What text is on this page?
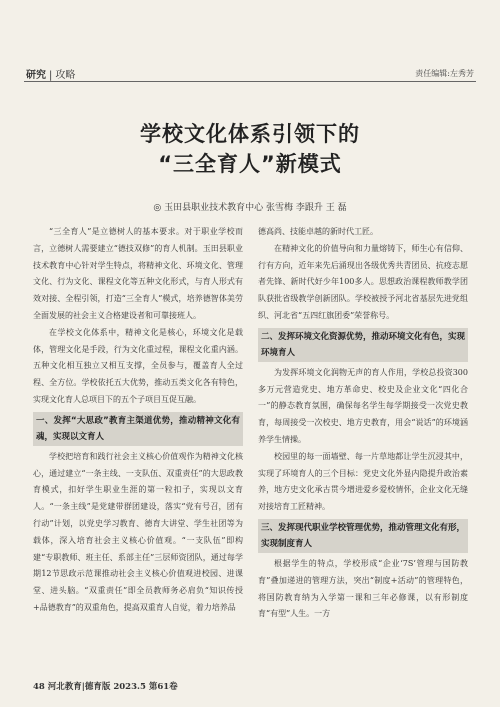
研究 | 攻略	责任编辑:左秀芳
学校文化体系引领下的
“三全育人”新模式
◎ 玉田县职业技术教育中心 张雪梅 李跟升 王 磊

“三全育人”是立德树人的基本要求。对于职业学校而言，立德树人需要建立“德技双修”的育人机制。玉田县职业技术教育中心针对学生特点，将精神文化、环境文化、管理文化、行为文化、课程文化等五种文化形式，与育人形式有效对接、全程引领，打造“三全育人”模式，培养德智体美劳全面发展的社会主义合格建设者和可靠接班人。

在学校文化体系中，精神文化是核心，环境文化是载体，管理文化是手段，行为文化重过程，课程文化重内涵。五种文化相互独立又相互支撑，全员参与，覆盖育人全过程、全方位。学校依托五大优势，推动五类文化各有特色，实现文化育人总项目下的五个子项目互促互融。

一、发挥“大思政”教育主渠道优势，推动精神文化有魂，实现以文育人

学校把培育和践行社会主义核心价值观作为精神文化核心，通过建立“一条主线、一支队伍、双重责任”的大思政教育模式，扣好学生职业生涯的第一粒扣子，实现以文育人。“一条主线”是党建带群团建设，落实“党有号召，团有行动”计划，以党史学习教育、德育大讲堂、学生社团等为载体，深入培育社会主义核心价值观。“一支队伍”即构建“专职教师、班主任、系部主任”三层师资团队，通过每学期12节思政示范课推动社会主义核心价值观进校园、进课堂、进头脑。“双重责任”即全员教师务必肩负“知识传授+品德教育”的双重角色，提高双重育人自觉，着力培养品

德高尚、技能卓越的新时代工匠。

在精神文化的价值导向和力量熔铸下，师生心有信仰、行有方向，近年来先后涌现出各级优秀共青团员、抗疫志愿者先锋、新时代好少年100多人。思想政治课程教师教学团队获批省级教学创新团队。学校被授予河北省基层先进党组织、河北省“五四红旗团委”荣誉称号。

二、发挥环境文化资源优势，推动环境文化有色，实现环境育人

为发挥环境文化润物无声的育人作用，学校总投资300多万元营造党史、地方革命史、校史及企业文化“四化合一”的静态教育氛围，确保每名学生每学期接受一次党史教育，每周接受一次校史、地方史教育，用会“说话”的环境涵养学生情操。

校园里的每一面墙壁、每一片草地都让学生沉浸其中，实现了环境育人的三个目标：党史文化外显内隐提升政治素养，地方史文化承古贯今增进爱乡爱校情怀，企业文化无缝对接培育工匠精神。

三、发挥现代职业学校管理优势，推动管理文化有形，实现制度育人

根据学生的特点，学校形成“企业‘7S’管理与国防教育”叠加递进的管理方法，突出“制度+活动”的管理特色，将国防教育纳为入学第一课和三年必修课，以有形制度育“有型”人生。一方

48 河北教育|德育版 2023.5 第61卷
